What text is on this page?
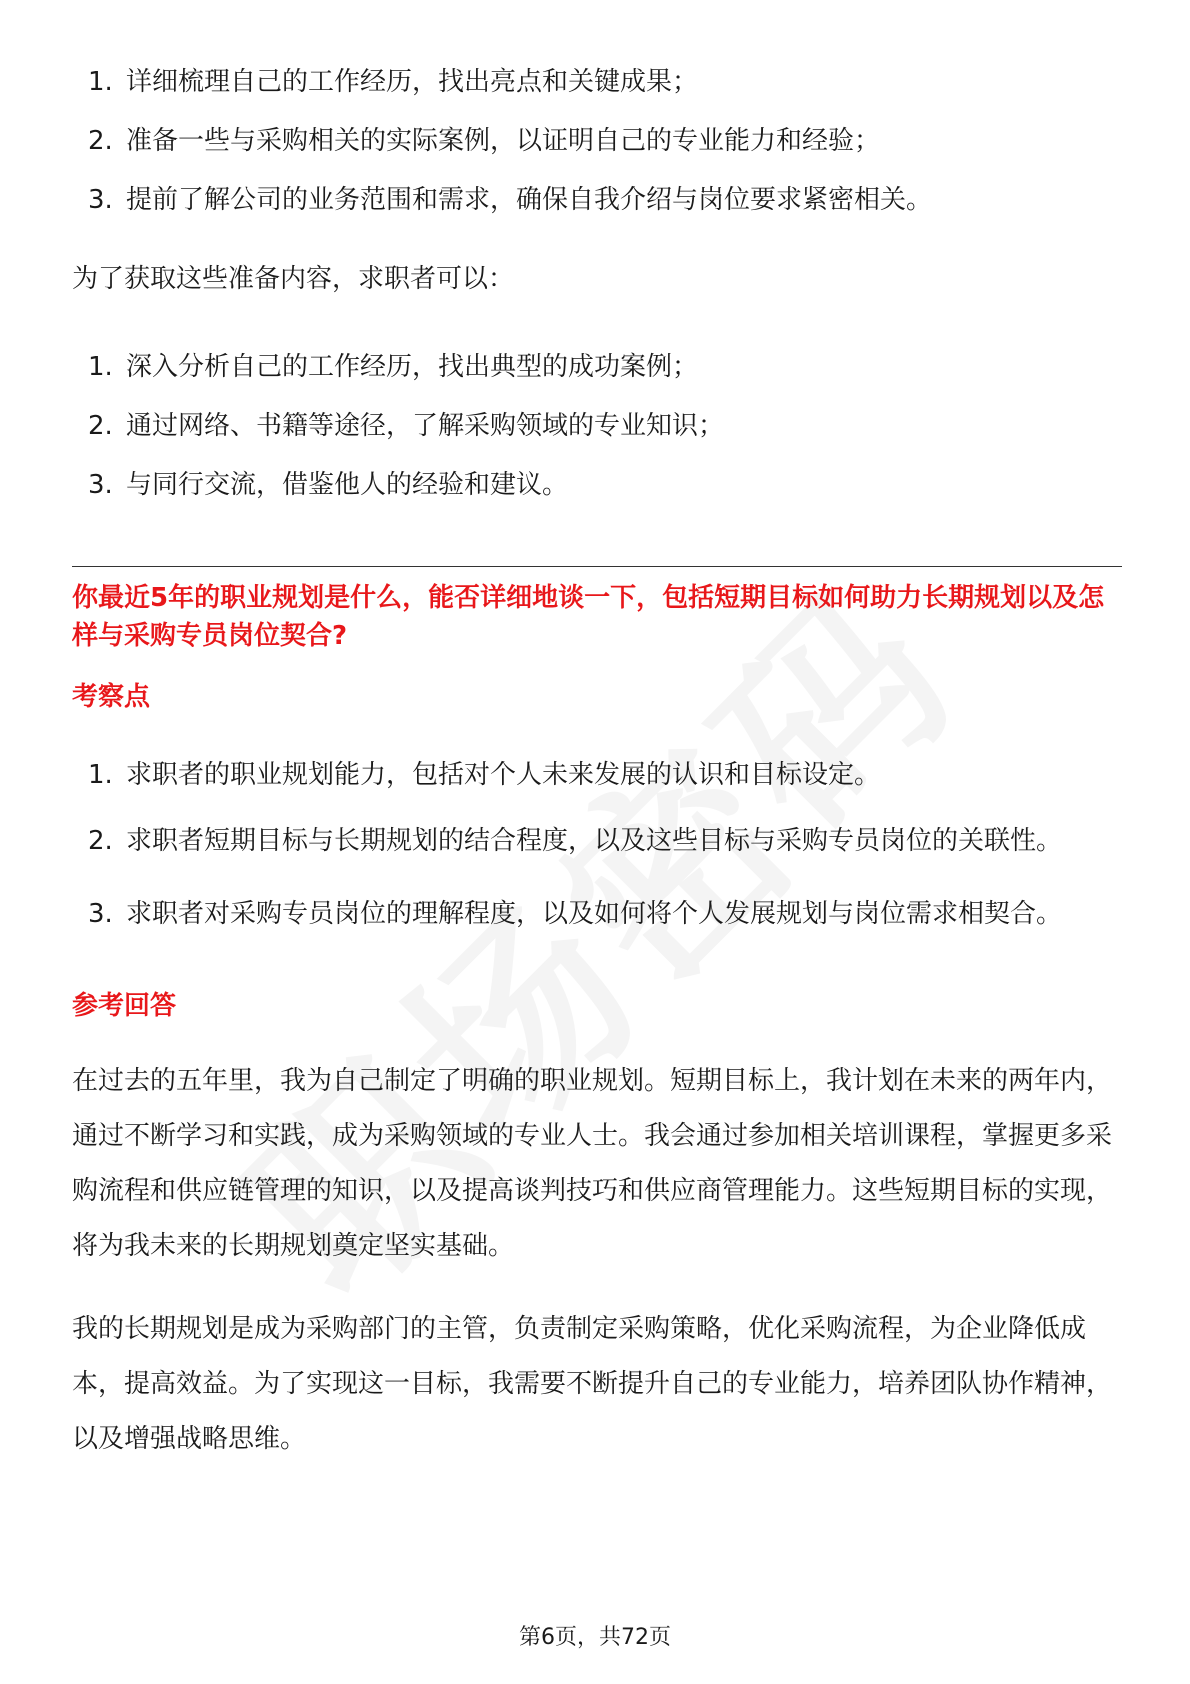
1. 详细梳理自己的工作经历，找出亮点和关键成果；
2. 准备一些与采购相关的实际案例，以证明自己的专业能力和经验；
3. 提前了解公司的业务范围和需求，确保自我介绍与岗位要求紧密相关。

为了获取这些准备内容，求职者可以：

1. 深入分析自己的工作经历，找出典型的成功案例；
2. 通过网络、书籍等途径，了解采购领域的专业知识；
3. 与同行交流，借鉴他人的经验和建议。

你最近5年的职业规划是什么，能否详细地谈一下，包括短期目标如何助力长期规划以及怎样与采购专员岗位契合?

考察点

1. 求职者的职业规划能力，包括对个人未来发展的认识和目标设定。
2. 求职者短期目标与长期规划的结合程度，以及这些目标与采购专员岗位的关联性。
3. 求职者对采购专员岗位的理解程度，以及如何将个人发展规划与岗位需求相契合。

参考回答

在过去的五年里，我为自己制定了明确的职业规划。短期目标上，我计划在未来的两年内，通过不断学习和实践，成为采购领域的专业人士。我会通过参加相关培训课程，掌握更多采购流程和供应链管理的知识，以及提高谈判技巧和供应商管理能力。这些短期目标的实现，将为我未来的长期规划奠定坚实基础。

我的长期规划是成为采购部门的主管，负责制定采购策略，优化采购流程，为企业降低成本，提高效益。为了实现这一目标，我需要不断提升自己的专业能力，培养团队协作精神，以及增强战略思维。

第6页，共72页
